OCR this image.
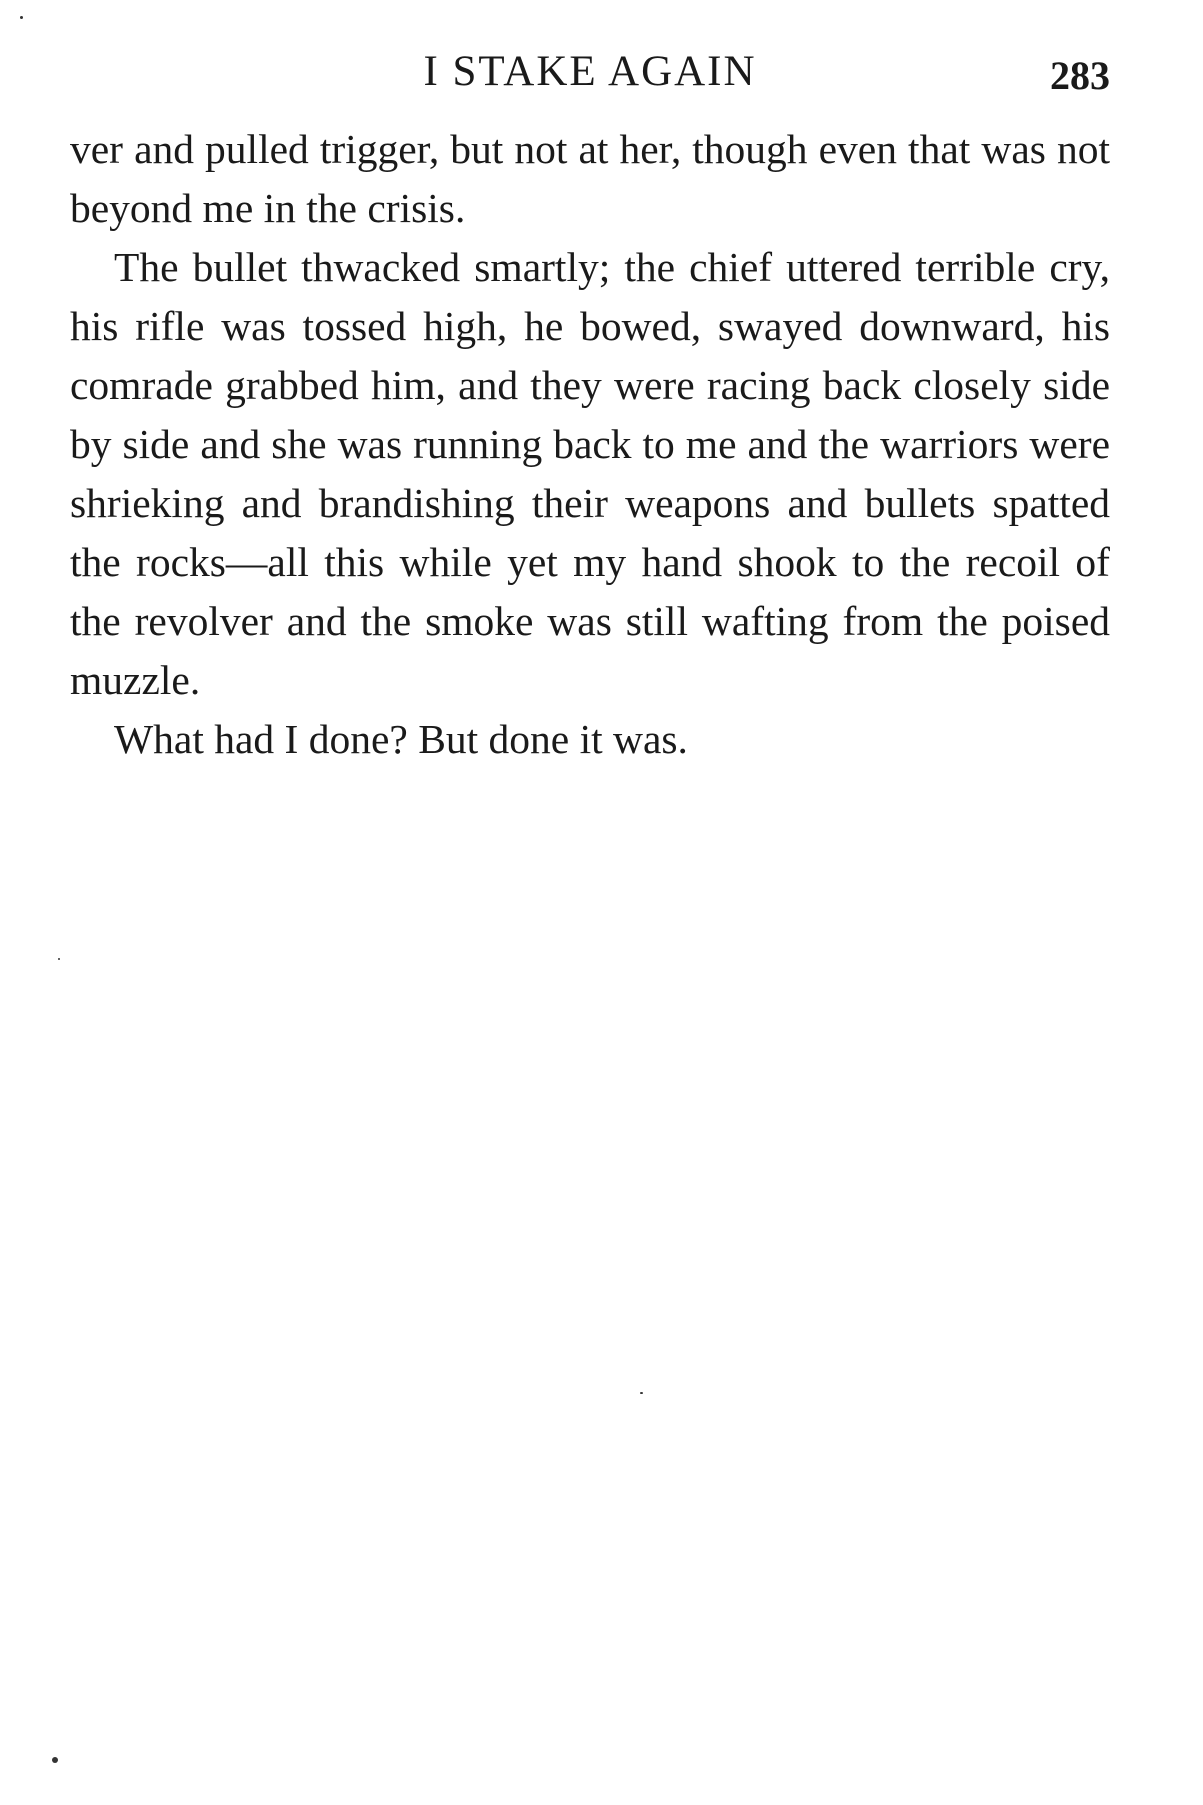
I STAKE AGAIN	283

ver and pulled trigger, but not at her, though even that was not beyond me in the crisis.

The bullet thwacked smartly; the chief uttered terrible cry, his rifle was tossed high, he bowed, swayed downward, his comrade grabbed him, and they were racing back closely side by side and she was running back to me and the warriors were shrieking and brandishing their weapons and bullets spatted the rocks—all this while yet my hand shook to the recoil of the revolver and the smoke was still wafting from the poised muzzle.

What had I done? But done it was.
